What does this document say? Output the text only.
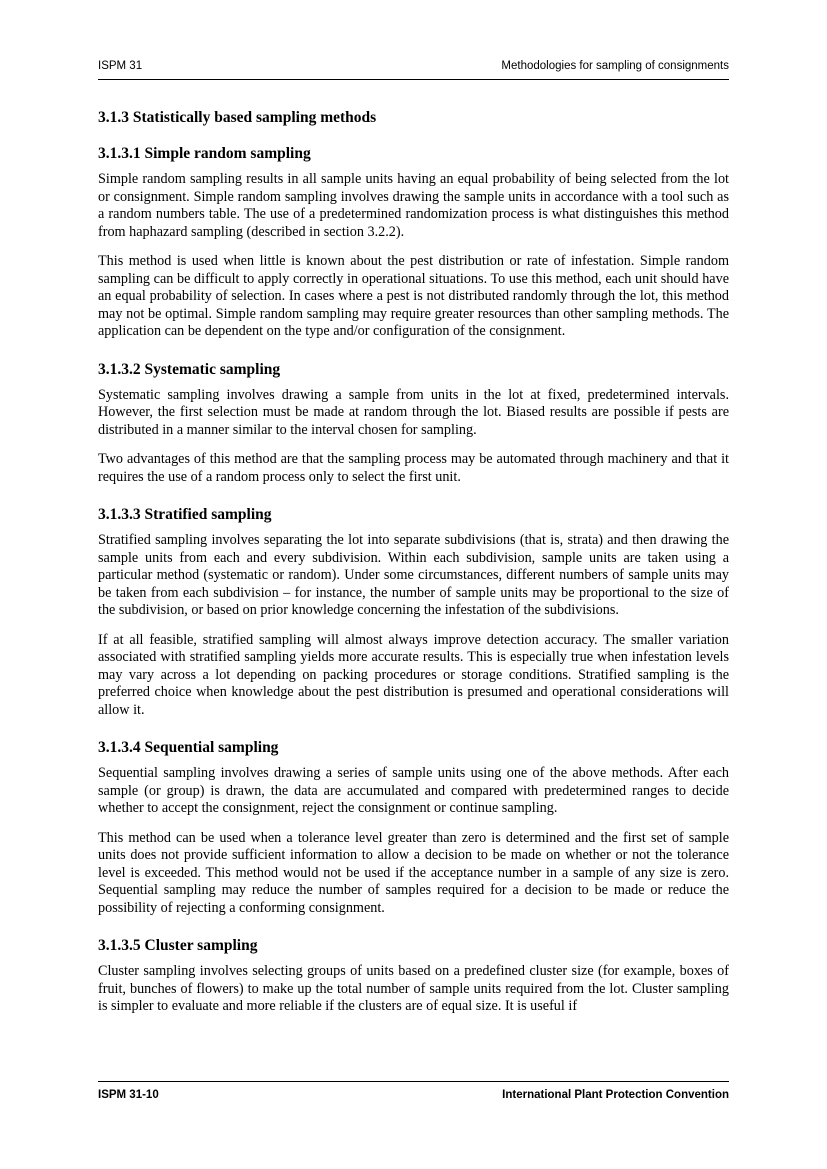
ISPM 31	Methodologies for sampling of consignments
3.1.3 Statistically based sampling methods
3.1.3.1 Simple random sampling

Simple random sampling results in all sample units having an equal probability of being selected from the lot or consignment. Simple random sampling involves drawing the sample units in accordance with a tool such as a random numbers table. The use of a predetermined randomization process is what distinguishes this method from haphazard sampling (described in section 3.2.2).

This method is used when little is known about the pest distribution or rate of infestation. Simple random sampling can be difficult to apply correctly in operational situations. To use this method, each unit should have an equal probability of selection. In cases where a pest is not distributed randomly through the lot, this method may not be optimal. Simple random sampling may require greater resources than other sampling methods. The application can be dependent on the type and/or configuration of the consignment.

3.1.3.2 Systematic sampling

Systematic sampling involves drawing a sample from units in the lot at fixed, predetermined intervals. However, the first selection must be made at random through the lot. Biased results are possible if pests are distributed in a manner similar to the interval chosen for sampling.

Two advantages of this method are that the sampling process may be automated through machinery and that it requires the use of a random process only to select the first unit.

3.1.3.3 Stratified sampling

Stratified sampling involves separating the lot into separate subdivisions (that is, strata) and then drawing the sample units from each and every subdivision. Within each subdivision, sample units are taken using a particular method (systematic or random). Under some circumstances, different numbers of sample units may be taken from each subdivision – for instance, the number of sample units may be proportional to the size of the subdivision, or based on prior knowledge concerning the infestation of the subdivisions.

If at all feasible, stratified sampling will almost always improve detection accuracy. The smaller variation associated with stratified sampling yields more accurate results. This is especially true when infestation levels may vary across a lot depending on packing procedures or storage conditions. Stratified sampling is the preferred choice when knowledge about the pest distribution is presumed and operational considerations will allow it.

3.1.3.4 Sequential sampling

Sequential sampling involves drawing a series of sample units using one of the above methods. After each sample (or group) is drawn, the data are accumulated and compared with predetermined ranges to decide whether to accept the consignment, reject the consignment or continue sampling.

This method can be used when a tolerance level greater than zero is determined and the first set of sample units does not provide sufficient information to allow a decision to be made on whether or not the tolerance level is exceeded. This method would not be used if the acceptance number in a sample of any size is zero. Sequential sampling may reduce the number of samples required for a decision to be made or reduce the possibility of rejecting a conforming consignment.

3.1.3.5 Cluster sampling

Cluster sampling involves selecting groups of units based on a predefined cluster size (for example, boxes of fruit, bunches of flowers) to make up the total number of sample units required from the lot. Cluster sampling is simpler to evaluate and more reliable if the clusters are of equal size. It is useful if

ISPM 31-10	International Plant Protection Convention
